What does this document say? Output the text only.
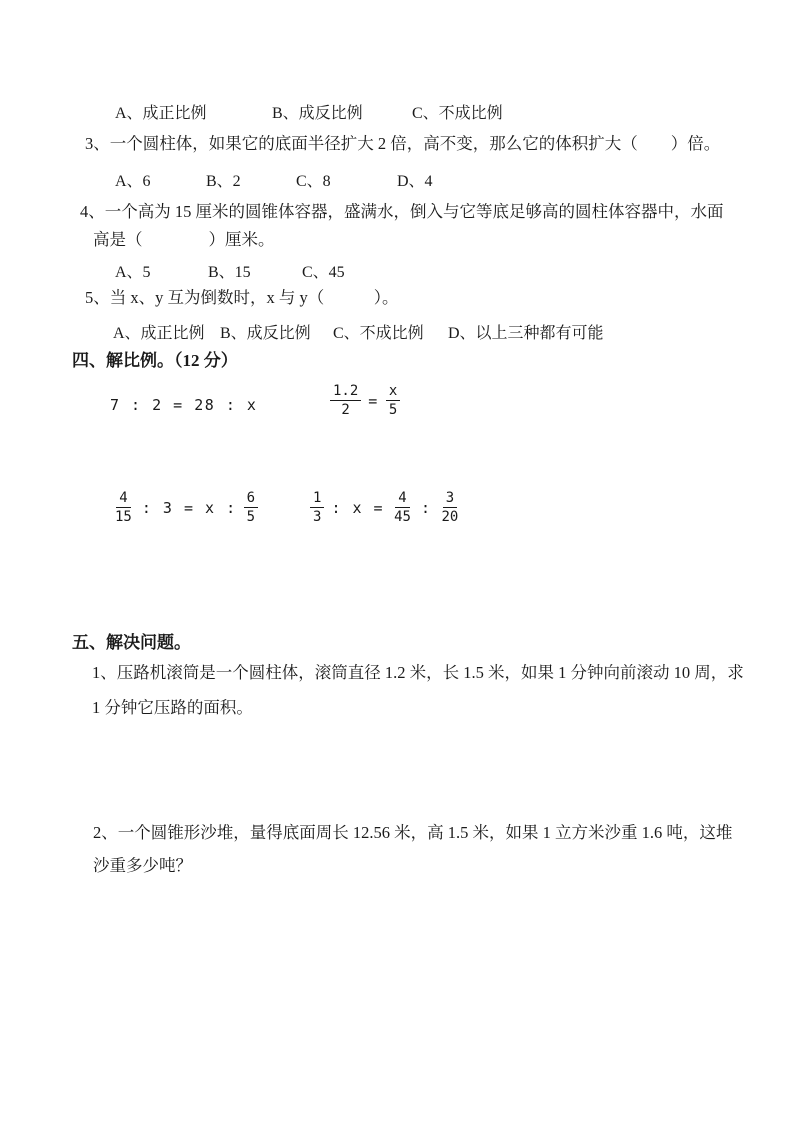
A、成正比例	B、成反比例	C、不成比例
3、一个圆柱体，如果它的底面半径扩大 2 倍，高不变，那么它的体积扩大（　　）倍。
A、6	B、2	C、8	D、4
4、一个高为 15 厘米的圆锥体容器，盛满水，倒入与它等底足够高的圆柱体容器中，水面
高是（　　　　）厘米。
A、5	B、15	C、45
5、当 x、y 互为倒数时，x 与 y（　　　）。
A、成正比例 B、成反比例 C、不成比例 D、以上三种都有可能
四、解比例。（12 分）
7 : 2 = 28 : x	$\frac{1.2}{2} = \frac{x}{5}$
$\frac{4}{15}$ : 3 = x : $\frac{6}{5}$	$\frac{1}{3}$ : $x = \frac{4}{45}$ : $\frac{3}{20}$
五、解决问题。
1、压路机滚筒是一个圆柱体，滚筒直径 1.2 米，长 1.5 米，如果 1 分钟向前滚动 10 周，求
1 分钟它压路的面积。
2、一个圆锥形沙堆，量得底面周长 12.56 米，高 1.5 米，如果 1 立方米沙重 1.6 吨，这堆
沙重多少吨？
